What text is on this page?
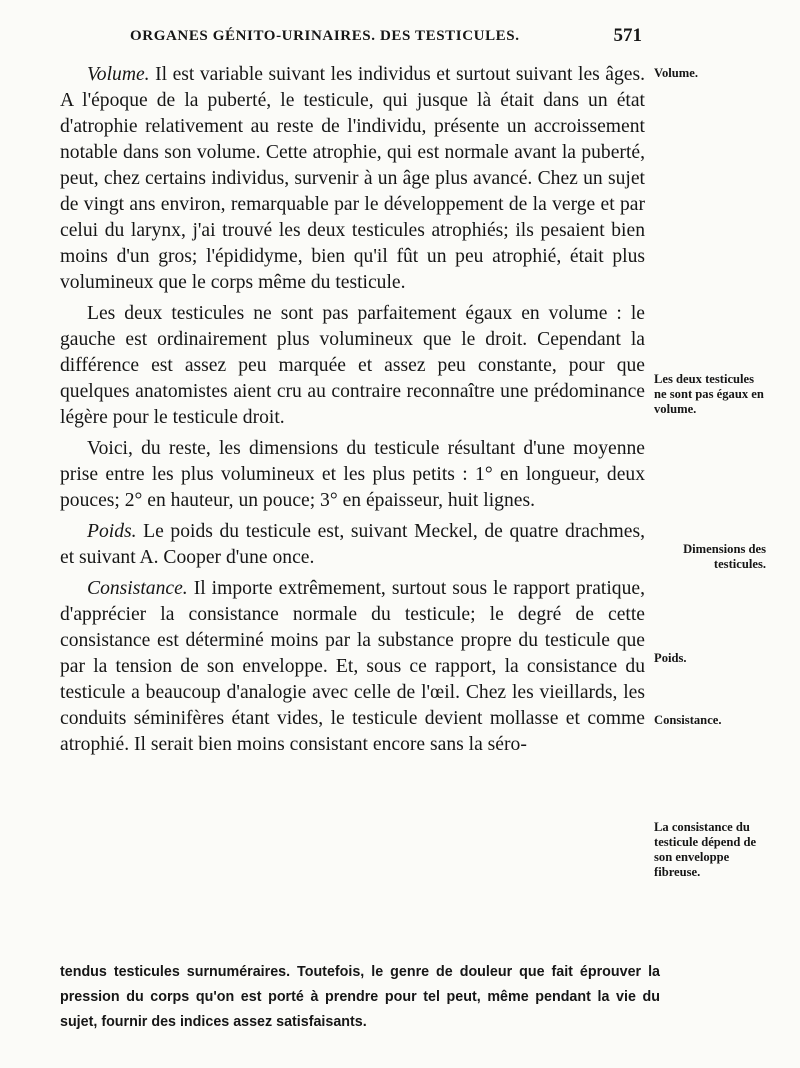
ORGANES GÉNITO-URINAIRES. DES TESTICULES.	571

Volume. Il est variable suivant les individus et surtout suivant les âges. A l'époque de la puberté, le testicule, qui jusque là était dans un état d'atrophie relativement au reste de l'individu, présente un accroissement notable dans son volume. Cette atrophie, qui est normale avant la puberté, peut, chez certains individus, survenir à un âge plus avancé. Chez un sujet de vingt ans environ, remarquable par le développement de la verge et par celui du larynx, j'ai trouvé les deux testicules atrophiés; ils pesaient bien moins d'un gros; l'épididyme, bien qu'il fût un peu atrophié, était plus volumineux que le corps même du testicule.

Les deux testicules ne sont pas parfaitement égaux en volume : le gauche est ordinairement plus volumineux que le droit. Cependant la différence est assez peu marquée et assez peu constante, pour que quelques anatomistes aient cru au contraire reconnaître une prédominance légère pour le testicule droit.

Voici, du reste, les dimensions du testicule résultant d'une moyenne prise entre les plus volumineux et les plus petits : 1° en longueur, deux pouces; 2° en hauteur, un pouce; 3° en épaisseur, huit lignes.

Poids. Le poids du testicule est, suivant Meckel, de quatre drachmes, et suivant A. Cooper d'une once.

Consistance. Il importe extrêmement, surtout sous le rapport pratique, d'apprécier la consistance normale du testicule; le degré de cette consistance est déterminé moins par la substance propre du testicule que par la tension de son enveloppe. Et, sous ce rapport, la consistance du testicule a beaucoup d'analogie avec celle de l'œil. Chez les vieillards, les conduits séminifères étant vides, le testicule devient mollasse et comme atrophié. Il serait bien moins consistant encore sans la séro-

Volume.
Les deux testicules ne sont pas égaux en volume.
Dimensions des testicules.
Poids.
Consistance.
La consistance du testicule dépend de son enveloppe fibreuse.

tendus testicules surnuméraires. Toutefois, le genre de douleur que fait éprouver la pression du corps qu'on est porté à prendre pour tel peut, même pendant la vie du sujet, fournir des indices assez satisfaisants.
